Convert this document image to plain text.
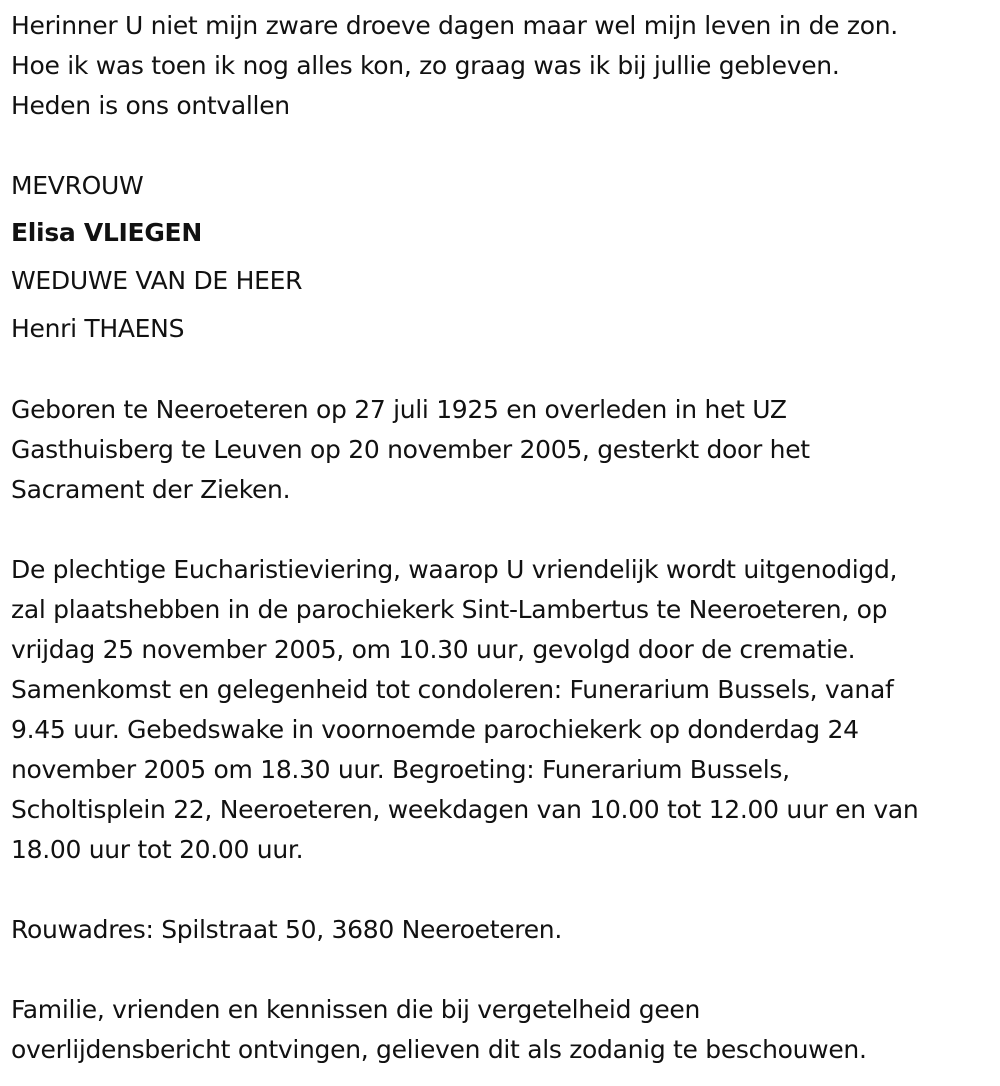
Herinner U niet mijn zware droeve dagen maar wel mijn leven in de zon.
Hoe ik was toen ik nog alles kon, zo graag was ik bij jullie gebleven.
Heden is ons ontvallen
MEVROUW
Elisa VLIEGEN
WEDUWE VAN DE HEER
Henri THAENS
Geboren te Neeroeteren op 27 juli 1925 en overleden in het UZ
Gasthuisberg te Leuven op 20 november 2005, gesterkt door het
Sacrament der Zieken.
De plechtige Eucharistieviering, waarop U vriendelijk wordt uitgenodigd,
zal plaatshebben in de parochiekerk Sint-Lambertus te Neeroeteren, op
vrijdag 25 november 2005, om 10.30 uur, gevolgd door de crematie.
Samenkomst en gelegenheid tot condoleren: Funerarium Bussels, vanaf
9.45 uur. Gebedswake in voornoemde parochiekerk op donderdag 24
november 2005 om 18.30 uur. Begroeting: Funerarium Bussels,
Scholtisplein 22, Neeroeteren, weekdagen van 10.00 tot 12.00 uur en van
18.00 uur tot 20.00 uur.
Rouwadres: Spilstraat 50, 3680 Neeroeteren.
Familie, vrienden en kennissen die bij vergetelheid geen
overlijdensbericht ontvingen, gelieven dit als zodanig te beschouwen.
